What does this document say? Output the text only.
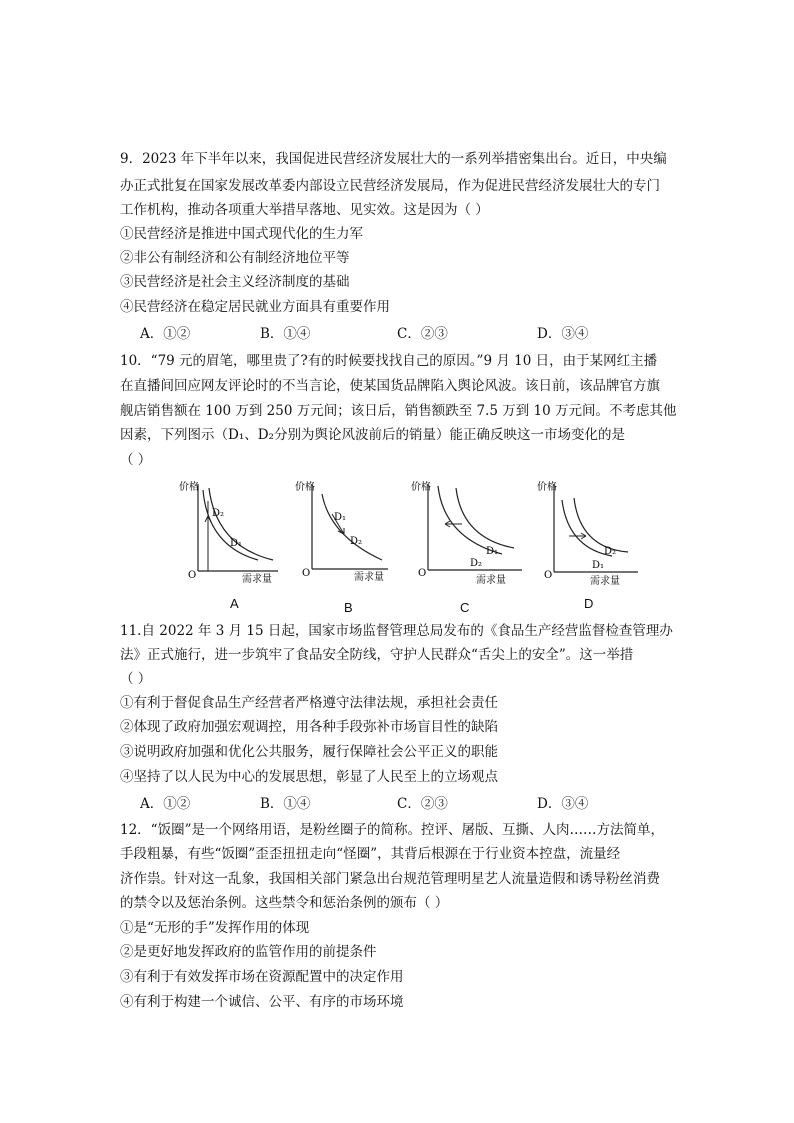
9．2023 年下半年以来，我国促进民营经济发展壮大的一系列举措密集出台。近日，中央编
办正式批复在国家发展改革委内部设立民营经济发展局，作为促进民营经济发展壮大的专门
工作机构，推动各项重大举措早落地、见实效。这是因为（ ）
①民营经济是推进中国式现代化的生力军
②非公有制经济和公有制经济地位平等
③民营经济是社会主义经济制度的基础
④民营经济在稳定居民就业方面具有重要作用
A．①②	B．①④	C．②③	D．③④
10．“79 元的眉笔，哪里贵了?有的时候要找找自己的原因。”9 月 10 日，由于某网红主播
在直播间回应网友评论时的不当言论，使某国货品牌陷入舆论风波。该日前，该品牌官方旗
舰店销售额在 100 万到 250 万元间；该日后，销售额跌至 7.5 万到 10 万元间。不考虑其他
因素，下列图示（D₁、D₂分别为舆论风波前后的销量）能正确反映这一市场变化的是
（ ）
价格
D₂
D₁
O	需求量
A
价格
D₁
D₂
O	需求量
B
价格
D₁
D₂
O
需求量
C
价格
D₂
D₁
O
需求量
D
11.自 2022 年 3 月 15 日起，国家市场监督管理总局发布的《食品生产经营监督检查管理办
法》正式施行，进一步筑牢了食品安全防线，守护人民群众“舌尖上的安全”。这一举措
（ ）
①有利于督促食品生产经营者严格遵守法律法规，承担社会责任
②体现了政府加强宏观调控，用各种手段弥补市场盲目性的缺陷
③说明政府加强和优化公共服务，履行保障社会公平正义的职能
④坚持了以人民为中心的发展思想，彰显了人民至上的立场观点
A．①②	B．①④	C．②③	D．③④
12．“饭圈”是一个网络用语，是粉丝圈子的简称。控评、屠版、互撕、人肉……方法简单，
手段粗暴，有些“饭圈”歪歪扭扭走向“怪圈”，其背后根源在于行业资本控盘，流量经
济作祟。针对这一乱象，我国相关部门紧急出台规范管理明星艺人流量造假和诱导粉丝消费
的禁令以及惩治条例。这些禁令和惩治条例的颁布（ ）
①是“无形的手”发挥作用的体现
②是更好地发挥政府的监管作用的前提条件
③有利于有效发挥市场在资源配置中的决定作用
④有利于构建一个诚信、公平、有序的市场环境
